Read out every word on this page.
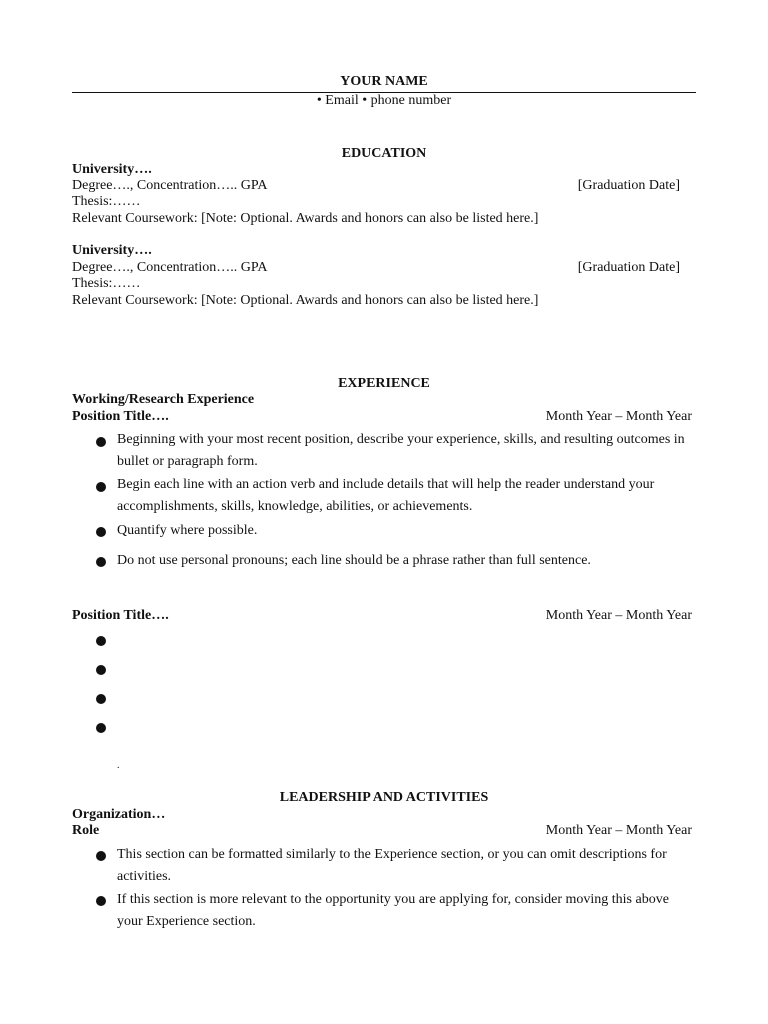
YOUR NAME
• Email • phone number
EDUCATION
University….
Degree…., Concentration….. GPA	[Graduation Date]
Thesis:……
Relevant Coursework: [Note: Optional. Awards and honors can also be listed here.]
University….
Degree…., Concentration….. GPA	[Graduation Date]
Thesis:……
Relevant Coursework: [Note: Optional. Awards and honors can also be listed here.]
EXPERIENCE
Working/Research Experience
Position Title….	Month Year – Month Year
Beginning with your most recent position, describe your experience, skills, and resulting outcomes in bullet or paragraph form.
Begin each line with an action verb and include details that will help the reader understand your accomplishments, skills, knowledge, abilities, or achievements.
Quantify where possible.
Do not use personal pronouns; each line should be a phrase rather than full sentence.
Position Title….	Month Year – Month Year
.
LEADERSHIP AND ACTIVITIES
Organization…
Role	Month Year – Month Year
This section can be formatted similarly to the Experience section, or you can omit descriptions for activities.
If this section is more relevant to the opportunity you are applying for, consider moving this above your Experience section.
